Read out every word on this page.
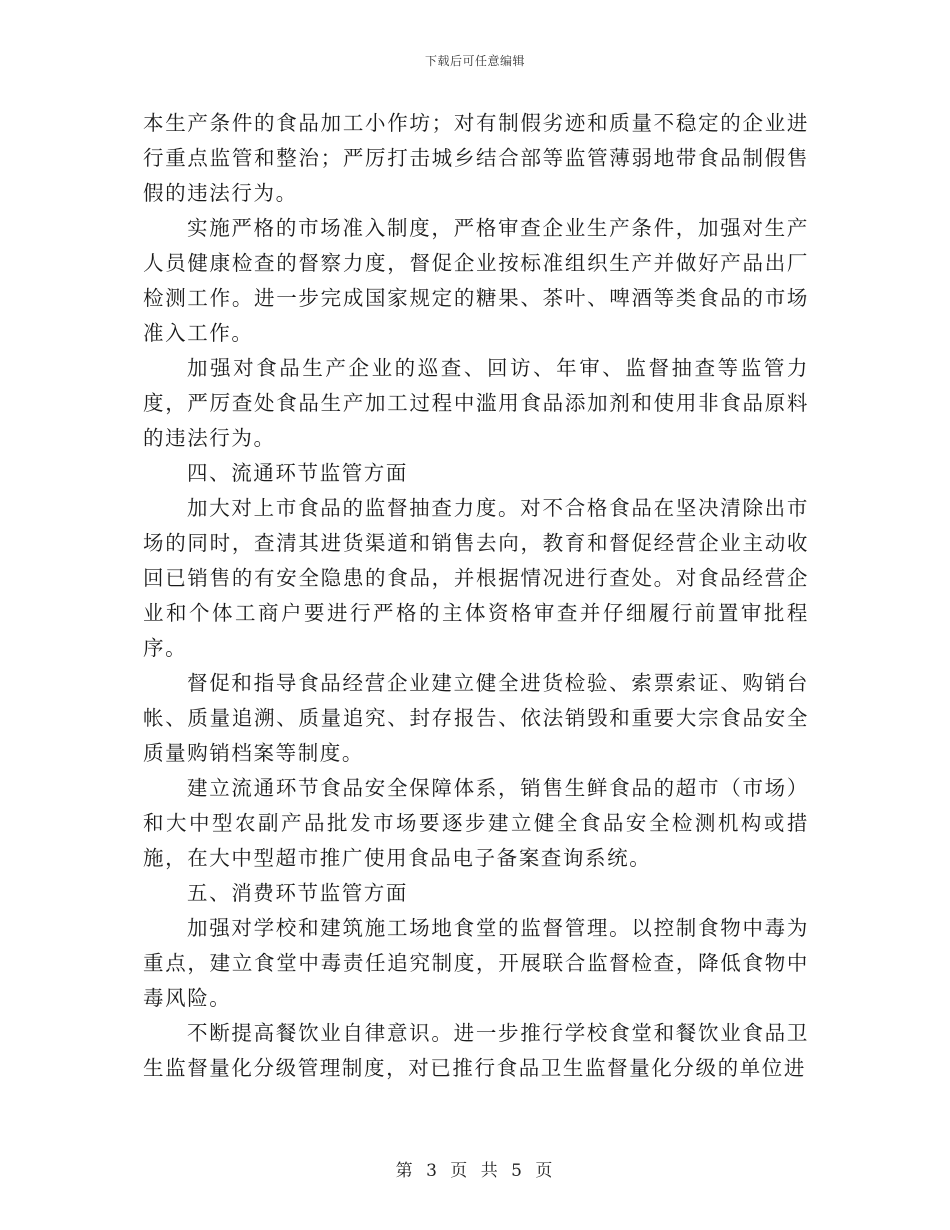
下载后可任意编辑

本生产条件的食品加工小作坊；对有制假劣迹和质量不稳定的企业进行重点监管和整治；严厉打击城乡结合部等监管薄弱地带食品制假售假的违法行为。

实施严格的市场准入制度，严格审查企业生产条件，加强对生产人员健康检查的督察力度，督促企业按标准组织生产并做好产品出厂检测工作。进一步完成国家规定的糖果、茶叶、啤酒等类食品的市场准入工作。

加强对食品生产企业的巡查、回访、年审、监督抽查等监管力度，严厉查处食品生产加工过程中滥用食品添加剂和使用非食品原料的违法行为。

四、流通环节监管方面

加大对上市食品的监督抽查力度。对不合格食品在坚决清除出市场的同时，查清其进货渠道和销售去向，教育和督促经营企业主动收回已销售的有安全隐患的食品，并根据情况进行查处。对食品经营企业和个体工商户要进行严格的主体资格审查并仔细履行前置审批程序。

督促和指导食品经营企业建立健全进货检验、索票索证、购销台帐、质量追溯、质量追究、封存报告、依法销毁和重要大宗食品安全质量购销档案等制度。

建立流通环节食品安全保障体系，销售生鲜食品的超市（市场）和大中型农副产品批发市场要逐步建立健全食品安全检测机构或措施，在大中型超市推广使用食品电子备案查询系统。

五、消费环节监管方面

加强对学校和建筑施工场地食堂的监督管理。以控制食物中毒为重点，建立食堂中毒责任追究制度，开展联合监督检查，降低食物中毒风险。

不断提高餐饮业自律意识。进一步推行学校食堂和餐饮业食品卫生监督量化分级管理制度，对已推行食品卫生监督量化分级的单位进

第 3 页 共 5 页
